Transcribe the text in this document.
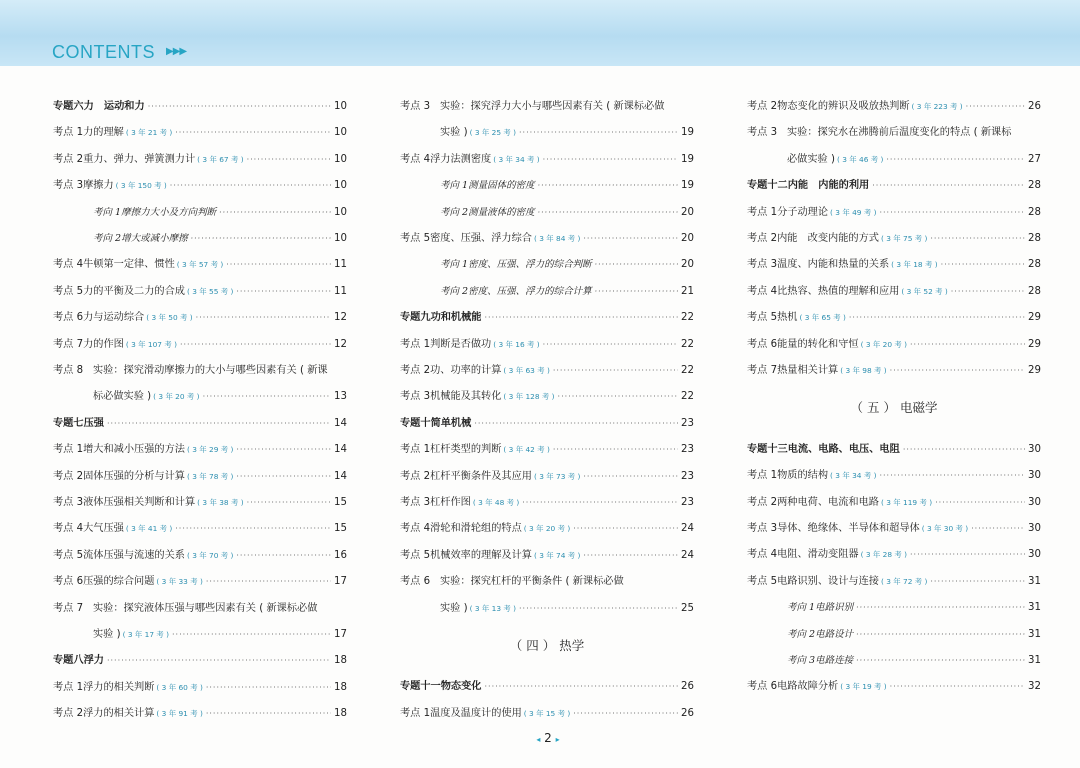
CONTENTS ▶▶▶
专题六 力　运动和力 ·····	10
考点 1 力的理解 ( 3 年 21 考 ) ·····	10
考点 2 重力、弹力、弹簧测力计 ( 3 年 67 考 ) ·····	10
考点 3 摩擦力 ( 3 年 150 考 ) ·····	10
考向 1 摩擦力大小及方向判断 ·····	10
考向 2 增大或减小摩擦 ·····	10
考点 4 牛顿第一定律、惯性 ( 3 年 57 考 ) ·····	11
考点 5 力的平衡及二力的合成 ( 3 年 55 考 ) ·····	11
考点 6 力与运动综合 ( 3 年 50 考 ) ·····	12
考点 7 力的作图 ( 3 年 107 考 ) ·····	12
考点 8 实验：探究滑动摩擦力的大小与哪些因素有关 ( 新课
标必做实验 ) ( 3 年 20 考 ) ·····	13
专题七 压强 ·····	14
考点 1 增大和减小压强的方法 ( 3 年 29 考 ) ·····	14
考点 2 固体压强的分析与计算 ( 3 年 78 考 ) ·····	14
考点 3 液体压强相关判断和计算 ( 3 年 38 考 ) ·····	15
考点 4 大气压强 ( 3 年 41 考 ) ·····	15
考点 5 流体压强与流速的关系 ( 3 年 70 考 ) ·····	16
考点 6 压强的综合问题 ( 3 年 33 考 ) ·····	17
考点 7 实验：探究液体压强与哪些因素有关 ( 新课标必做
实验 ) ( 3 年 17 考 ) ·····	17
专题八 浮力 ·····	18
考点 1 浮力的相关判断 ( 3 年 60 考 ) ·····	18
考点 2 浮力的相关计算 ( 3 年 91 考 ) ·····	18
考点 3 实验：探究浮力大小与哪些因素有关 ( 新课标必做
实验 ) ( 3 年 25 考 ) ·····	19
考点 4 浮力法测密度 ( 3 年 34 考 ) ·····	19
考向 1 测量固体的密度 ·····	19
考向 2 测量液体的密度 ·····	20
考点 5 密度、压强、浮力综合 ( 3 年 84 考 ) ·····	20
考向 1 密度、压强、浮力的综合判断 ·····	20
考向 2 密度、压强、浮力的综合计算 ·····	21
专题九 功和机械能 ·····	22
考点 1 判断是否做功 ( 3 年 16 考 ) ·····	22
考点 2 功、功率的计算 ( 3 年 63 考 ) ·····	22
考点 3 机械能及其转化 ( 3 年 128 考 ) ·····	22
专题十 简单机械 ·····	23
考点 1 杠杆类型的判断 ( 3 年 42 考 ) ·····	23
考点 2 杠杆平衡条件及其应用 ( 3 年 73 考 ) ·····	23
考点 3 杠杆作图 ( 3 年 48 考 ) ·····	23
考点 4 滑轮和滑轮组的特点 ( 3 年 20 考 ) ·····	24
考点 5 机械效率的理解及计算 ( 3 年 74 考 ) ·····	24
考点 6 实验：探究杠杆的平衡条件 ( 新课标必做
实验 ) ( 3 年 13 考 ) ·····	25
（ 四 ） 热学
专题十一 物态变化 ·····	26
考点 1 温度及温度计的使用 ( 3 年 15 考 ) ·····	26
考点 2 物态变化的辨识及吸放热判断 ( 3 年 223 考 ) ·····	26
考点 3 实验：探究水在沸腾前后温度变化的特点 ( 新课标
必做实验 ) ( 3 年 46 考 ) ·····	27
专题十二 内能　内能的利用 ·····	28
考点 1 分子动理论 ( 3 年 49 考 ) ·····	28
考点 2 内能　改变内能的方式 ( 3 年 75 考 ) ·····	28
考点 3 温度、内能和热量的关系 ( 3 年 18 考 ) ·····	28
考点 4 比热容、热值的理解和应用 ( 3 年 52 考 ) ·····	28
考点 5 热机 ( 3 年 65 考 ) ·····	29
考点 6 能量的转化和守恒 ( 3 年 20 考 ) ·····	29
考点 7 热量相关计算 ( 3 年 98 考 ) ·····	29
（ 五 ） 电磁学
专题十三 电流、电路、电压、电阻 ·····	30
考点 1 物质的结构 ( 3 年 34 考 ) ·····	30
考点 2 两种电荷、电流和电路 ( 3 年 119 考 ) ·····	30
考点 3 导体、绝缘体、半导体和超导体 ( 3 年 30 考 ) ·····	30
考点 4 电阻、滑动变阻器 ( 3 年 28 考 ) ·····	30
考点 5 电路识别、设计与连接 ( 3 年 72 考 ) ·····	31
考向 1 电路识别 ·····	31
考向 2 电路设计 ·····	31
考向 3 电路连接 ·····	31
考点 6 电路故障分析 ( 3 年 19 考 ) ·····	32
◂ 2 ▸
